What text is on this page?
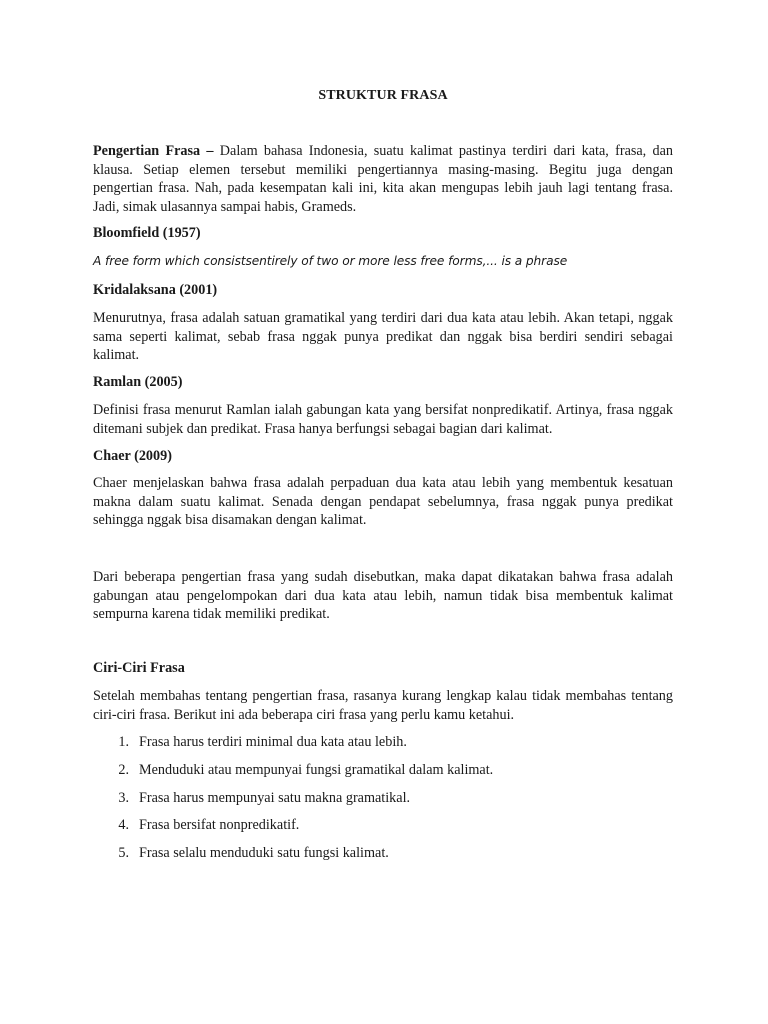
STRUKTUR FRASA

Pengertian Frasa – Dalam bahasa Indonesia, suatu kalimat pastinya terdiri dari kata, frasa, dan klausa. Setiap elemen tersebut memiliki pengertiannya masing-masing. Begitu juga dengan pengertian frasa. Nah, pada kesempatan kali ini, kita akan mengupas lebih jauh lagi tentang frasa. Jadi, simak ulasannya sampai habis, Grameds.

Bloomfield (1957)

A free form which consistsentirely of two or more less free forms,... is a phrase

Kridalaksana (2001)

Menurutnya, frasa adalah satuan gramatikal yang terdiri dari dua kata atau lebih. Akan tetapi, nggak sama seperti kalimat, sebab frasa nggak punya predikat dan nggak bisa berdiri sendiri sebagai kalimat.

Ramlan (2005)

Definisi frasa menurut Ramlan ialah gabungan kata yang bersifat nonpredikatif. Artinya, frasa nggak ditemani subjek dan predikat. Frasa hanya berfungsi sebagai bagian dari kalimat.

Chaer (2009)

Chaer menjelaskan bahwa frasa adalah perpaduan dua kata atau lebih yang membentuk kesatuan makna dalam suatu kalimat. Senada dengan pendapat sebelumnya, frasa nggak punya predikat sehingga nggak bisa disamakan dengan kalimat.

Dari beberapa pengertian frasa yang sudah disebutkan, maka dapat dikatakan bahwa frasa adalah gabungan atau pengelompokan dari dua kata atau lebih, namun tidak bisa membentuk kalimat sempurna karena tidak memiliki predikat.

Ciri-Ciri Frasa

Setelah membahas tentang pengertian frasa, rasanya kurang lengkap kalau tidak membahas tentang ciri-ciri frasa. Berikut ini ada beberapa ciri frasa yang perlu kamu ketahui.

1. Frasa harus terdiri minimal dua kata atau lebih.
2. Menduduki atau mempunyai fungsi gramatikal dalam kalimat.
3. Frasa harus mempunyai satu makna gramatikal.
4. Frasa bersifat nonpredikatif.
5. Frasa selalu menduduki satu fungsi kalimat.
